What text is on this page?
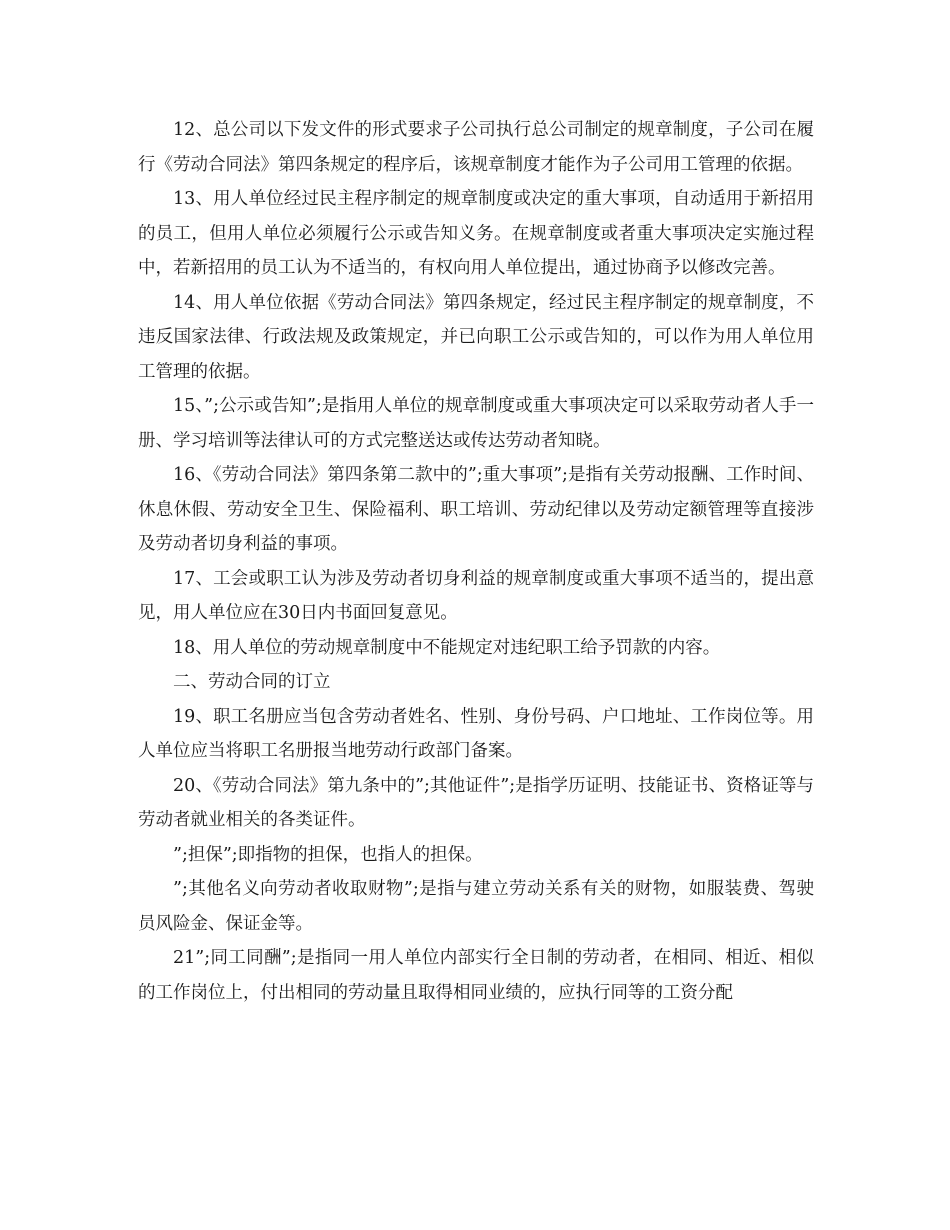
12、总公司以下发文件的形式要求子公司执行总公司制定的规章制度，子公司在履行《劳动合同法》第四条规定的程序后，该规章制度才能作为子公司用工管理的依据。

13、用人单位经过民主程序制定的规章制度或决定的重大事项，自动适用于新招用的员工，但用人单位必须履行公示或告知义务。在规章制度或者重大事项决定实施过程中，若新招用的员工认为不适当的，有权向用人单位提出，通过协商予以修改完善。

14、用人单位依据《劳动合同法》第四条规定，经过民主程序制定的规章制度，不违反国家法律、行政法规及政策规定，并已向职工公示或告知的，可以作为用人单位用工管理的依据。

15、”;公示或告知”;是指用人单位的规章制度或重大事项决定可以采取劳动者人手一册、学习培训等法律认可的方式完整送达或传达劳动者知晓。

16、《劳动合同法》第四条第二款中的”;重大事项”;是指有关劳动报酬、工作时间、休息休假、劳动安全卫生、保险福利、职工培训、劳动纪律以及劳动定额管理等直接涉及劳动者切身利益的事项。

17、工会或职工认为涉及劳动者切身利益的规章制度或重大事项不适当的，提出意见，用人单位应在30日内书面回复意见。

18、用人单位的劳动规章制度中不能规定对违纪职工给予罚款的内容。

二、劳动合同的订立

19、职工名册应当包含劳动者姓名、性别、身份号码、户口地址、工作岗位等。用人单位应当将职工名册报当地劳动行政部门备案。

20、《劳动合同法》第九条中的”;其他证件”;是指学历证明、技能证书、资格证等与劳动者就业相关的各类证件。

”;担保”;即指物的担保，也指人的担保。

”;其他名义向劳动者收取财物”;是指与建立劳动关系有关的财物，如服装费、驾驶员风险金、保证金等。

21”;同工同酬”;是指同一用人单位内部实行全日制的劳动者，在相同、相近、相似的工作岗位上，付出相同的劳动量且取得相同业绩的，应执行同等的工资分配
